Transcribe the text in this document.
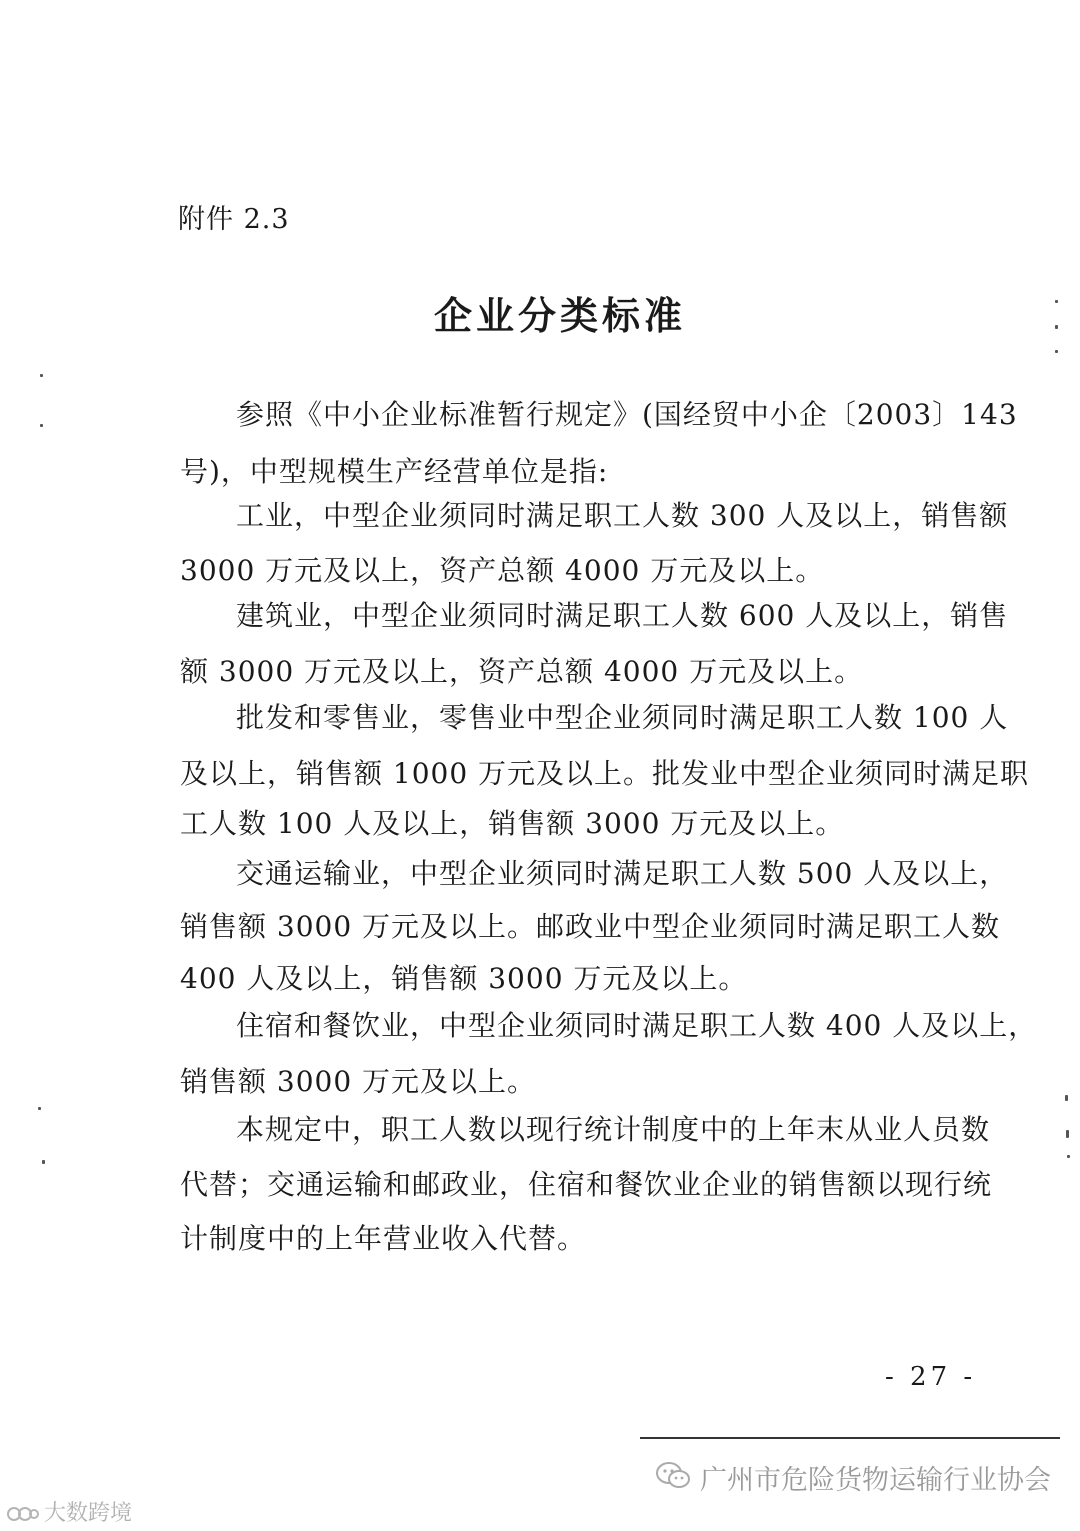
附件 2.3
企业分类标准
参照《中小企业标准暂行规定》(国经贸中小企〔2003〕143
号)，中型规模生产经营单位是指:
工业，中型企业须同时满足职工人数 300 人及以上，销售额
3000 万元及以上，资产总额 4000 万元及以上。
建筑业，中型企业须同时满足职工人数 600 人及以上，销售
额 3000 万元及以上，资产总额 4000 万元及以上。
批发和零售业，零售业中型企业须同时满足职工人数 100 人
及以上，销售额 1000 万元及以上。批发业中型企业须同时满足职
工人数 100 人及以上，销售额 3000 万元及以上。
交通运输业，中型企业须同时满足职工人数 500 人及以上，
销售额 3000 万元及以上。邮政业中型企业须同时满足职工人数
400 人及以上，销售额 3000 万元及以上。
住宿和餐饮业，中型企业须同时满足职工人数 400 人及以上，
销售额 3000 万元及以上。
本规定中，职工人数以现行统计制度中的上年末从业人员数
代替；交通运输和邮政业，住宿和餐饮业企业的销售额以现行统
计制度中的上年营业收入代替。
- 27 -
广州市危险货物运输行业协会
大数跨境
